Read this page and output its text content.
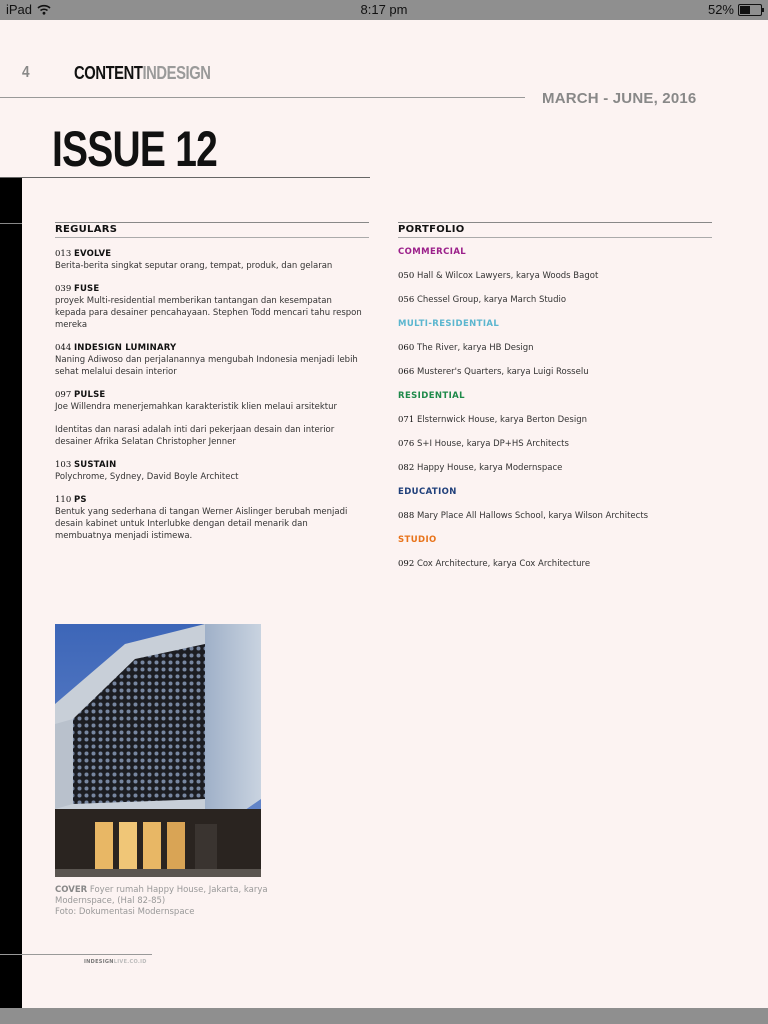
iPad	8:17 pm	52%
4 CONTENTINDESIGN
MARCH - JUNE, 2016
ISSUE 12
REGULARS
013 EVOLVE
Berita-berita singkat seputar orang, tempat, produk, dan gelaran
039 FUSE
proyek Multi-residential memberikan tantangan dan kesempatan kepada para desainer pencahayaan. Stephen Todd mencari tahu respon mereka
044 INDESIGN LUMINARY
Naning Adiwoso dan perjalanannya mengubah Indonesia menjadi lebih sehat melalui desain interior
097 PULSE
Joe Willendra menerjemahkan karakteristik klien melaui arsitektur
Identitas dan narasi adalah inti dari pekerjaan desain dan interior desainer Afrika Selatan Christopher Jenner
103 SUSTAIN
Polychrome, Sydney, David Boyle Architect
110 PS
Bentuk yang sederhana di tangan Werner Aislinger berubah menjadi desain kabinet untuk Interlubke dengan detail menarik dan membuatnya menjadi istimewa.
PORTFOLIO
COMMERCIAL
050 Hall & Wilcox Lawyers, karya Woods Bagot
056 Chessel Group, karya March Studio
MULTI-RESIDENTIAL
060 The River, karya HB Design
066 Musterer's Quarters, karya Luigi Rosselu
RESIDENTIAL
071 Elsternwick House, karya Berton Design
076 S+I House, karya DP+HS Architects
082 Happy House, karya Modernspace
EDUCATION
088 Mary Place All Hallows School, karya Wilson Architects
STUDIO
092 Cox Architecture, karya Cox Architecture
COVER Foyer rumah Happy House, Jakarta, karya Modernspace, (Hal 82-85)
Foto: Dokumentasi Modernspace
INDESIGNLIVE.CO.ID
